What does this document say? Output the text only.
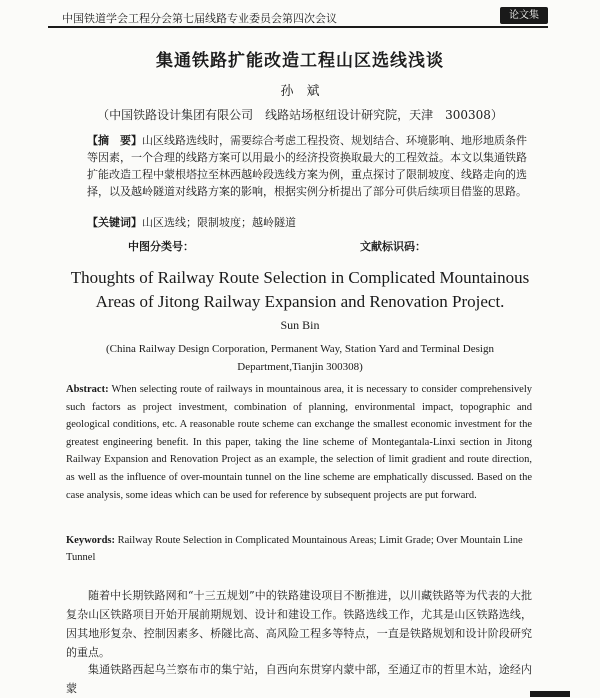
中国铁道学会工程分会第七届线路专业委员会第四次会议	论文集
集通铁路扩能改造工程山区选线浅谈
孙　斌
（中国铁路设计集团有限公司　线路站场枢纽设计研究院，天津　300308）
【摘　要】山区线路选线时，需要综合考虑工程投资、规划结合、环境影响、地形地质条件等因素，一个合理的线路方案可以用最小的经济投资换取最大的工程效益。本文以集通铁路扩能改造工程中蒙根塔拉至林西越岭段选线方案为例，重点探讨了限制坡度、线路走向的选择，以及越岭隧道对线路方案的影响，根据实例分析提出了部分可供后续项目借鉴的思路。
【关键词】山区选线；限制坡度；越岭隧道
中图分类号：	文献标识码：
Thoughts of Railway Route Selection in Complicated Mountainous
Areas of Jitong Railway Expansion and Renovation Project.
Sun Bin
(China Railway Design Corporation, Permanent Way, Station Yard and Terminal Design
Department,Tianjin 300308)
Abstract: When selecting route of railways in mountainous area, it is necessary to consider comprehensively such factors as project investment, combination of planning, environmental impact, topographic and geological conditions, etc. A reasonable route scheme can exchange the smallest economic investment for the greatest engineering benefit. In this paper, taking the line scheme of Montegantala-Linxi section in Jitong Railway Expansion and Renovation Project as an example, the selection of limit gradient and route direction, as well as the influence of over-mountain tunnel on the line scheme are emphatically discussed. Based on the case analysis, some ideas which can be used for reference by subsequent projects are put forward.
Keywords: Railway Route Selection in Complicated Mountainous Areas; Limit Grade; Over Mountain Line Tunnel
随着中长期铁路网和“十三五规划”中的铁路建设项目不断推进，以川藏铁路等为代表的大批复杂山区铁路项目开始开展前期规划、设计和建设工作。铁路选线工作，尤其是山区铁路选线，因其地形复杂、控制因素多、桥隧比高、高风险工程多等特点，一直是铁路规划和设计阶段研究的重点。
集通铁路西起乌兰察布市的集宁站，自西向东贯穿内蒙中部，至通辽市的哲里木站，途经内蒙
